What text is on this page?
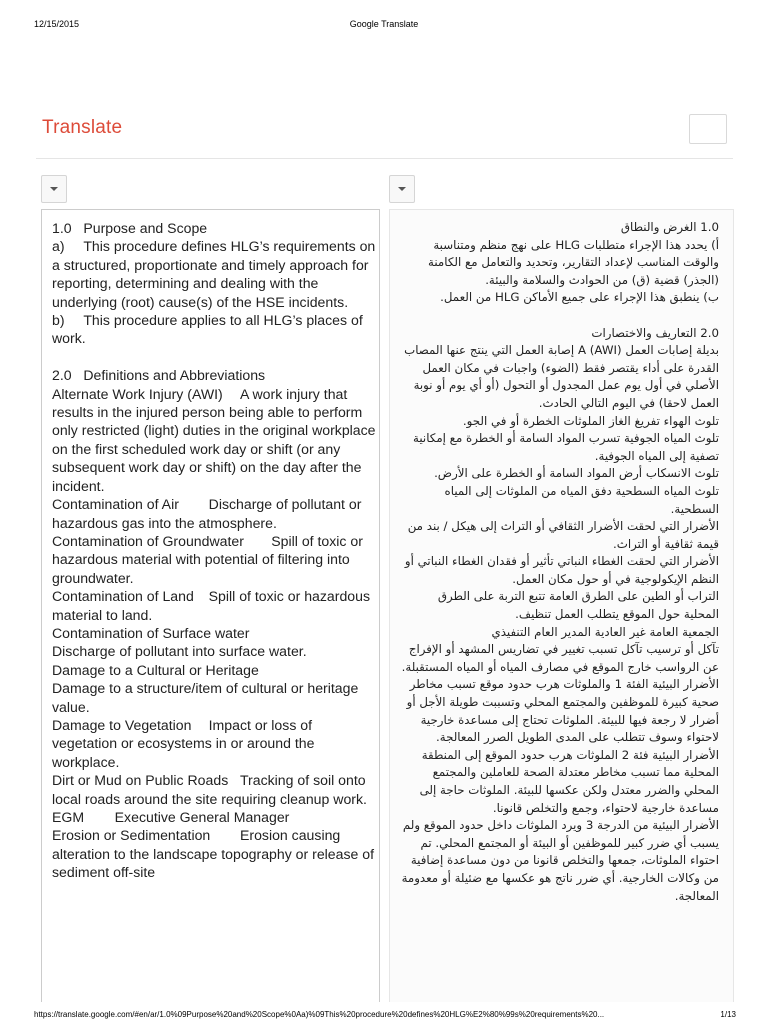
12/15/2015	Google Translate
Translate
1.0	Purpose and Scope
a)	This procedure defines HLG’s requirements on a structured, proportionate and timely approach for reporting, determining and dealing with the underlying (root) cause(s) of the HSE incidents.
b)	This procedure applies to all HLG’s places of work.

2.0	Definitions and Abbreviations
Alternate Work Injury (AWI)	A work injury that results in the injured person being able to perform only restricted (light) duties in the original workplace on the first scheduled work day or shift (or any subsequent work day or shift) on the day after the incident.
Contamination of Air	Discharge of pollutant or hazardous gas into the atmosphere.
Contamination of Groundwater	Spill of toxic or hazardous material with potential of filtering into groundwater.
Contamination of Land	Spill of toxic or hazardous material to land.
Contamination of Surface water
Discharge of pollutant into surface water.
Damage to a Cultural or Heritage
Damage to a structure/item of cultural or heritage value.
Damage to Vegetation	Impact or loss of vegetation or ecosystems in or around the workplace.
Dirt or Mud on Public Roads	Tracking of soil onto local roads around the site requiring cleanup work.
EGM	Executive General Manager
Erosion or Sedimentation	Erosion causing alteration to the landscape topography or release of sediment off-site
1.0 الغرض والنطاق
أ) يحدد هذا الإجراء متطلبات HLG على نهج منظم ومتناسبة والوقت المناسب لإعداد التقارير، وتحديد والتعامل مع الكامنة (الجذر) قضية (ق) من الحوادث والسلامة والبيئة.
ب) ينطبق هذا الإجراء على جميع الأماكن HLG من العمل.

2.0 التعاريف والاختصارات
بديلة إصابات العمل (AWI) A إصابة العمل التي ينتج عنها المصاب القدرة على أداء يقتصر فقط (الضوء) واجبات في مكان العمل الأصلي في أول يوم عمل المجدول أو التحول (أو أي يوم أو نوبة العمل لاحقا) في اليوم التالي الحادث.
تلوث الهواء تفريغ الغاز الملوثات الخطرة أو في الجو.
تلوث المياه الجوفية تسرب المواد السامة أو الخطرة مع إمكانية تصفية إلى المياه الجوفية.
تلوث الانسكاب أرض المواد السامة أو الخطرة على الأرض.
تلوث المياه السطحية دفق المياه من الملوثات إلى المياه السطحية.
الأضرار التي لحقت الأضرار الثقافي أو التراث إلى هيكل / بند من قيمة ثقافية أو التراث.
الأضرار التي لحقت الغطاء النباتي تأثير أو فقدان الغطاء النباتي أو النظم الإيكولوجية في أو حول مكان العمل.
التراب أو الطين على الطرق العامة تتبع التربة على الطرق المحلية حول الموقع يتطلب العمل تنظيف.
الجمعية العامة غير العادية المدير العام التنفيذي
تآكل أو ترسيب تآكل تسبب تغيير في تضاريس المشهد أو الإفراج عن الرواسب خارج الموقع في مصارف المياه أو المياه المستقبلة.
الأضرار البيئية الفئة 1 والملوثات هرب حدود موقع تسبب مخاطر صحية كبيرة للموظفين والمجتمع المحلي وتسببت طويلة الأجل أو أضرار لا رجعة فيها للبيئة. الملوثات تحتاج إلى مساعدة خارجية لاحتواء وسوف تتطلب على المدى الطويل الصرر المعالجة.
الأضرار البيئية فئة 2 الملوثات هرب حدود الموقع إلى المنطقة المحلية مما تسبب مخاطر معتدلة الصحة للعاملين والمجتمع المحلي والضرر معتدل ولكن عكسها للبيئة. الملوثات حاجة إلى مساعدة خارجية لاحتواء، وجمع والتخلص قانونا.
الأضرار البيئية من الدرجة 3 ويرد الملوثات داخل حدود الموقع ولم يسبب أي ضرر كبير للموظفين أو البيئة أو المجتمع المحلي. تم احتواء الملوثات، جمعها والتخلص قانونا من دون مساعدة إضافية من وكالات الخارجية. أي ضرر ناتج هو عكسها مع ضئيلة أو معدومة المعالجة.
https://translate.google.com/#en/ar/1.0%09Purpose%20and%20Scope%0Aa)%09This%20procedure%20defines%20HLG%E2%80%99s%20requirements%20...	1/13
